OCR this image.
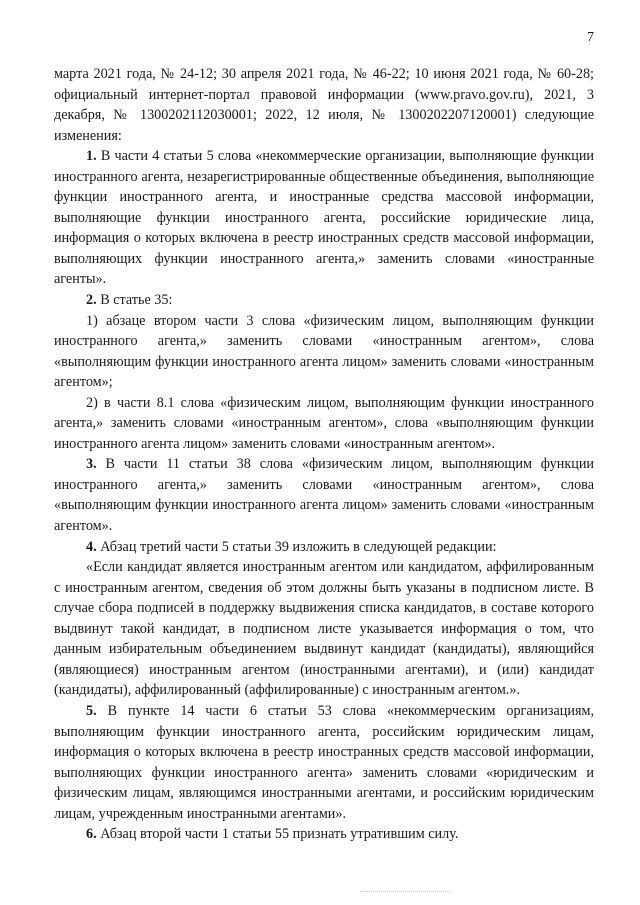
7

марта 2021 года, № 24-12; 30 апреля 2021 года, № 46-22; 10 июня 2021 года, № 60-28; официальный интернет-портал правовой информации (www.pravo.gov.ru), 2021, 3 декабря, № 1300202112030001; 2022, 12 июля, № 1300202207120001) следующие изменения:

1. В части 4 статьи 5 слова «некоммерческие организации, выполняющие функции иностранного агента, незарегистрированные общественные объединения, выполняющие функции иностранного агента, и иностранные средства массовой информации, выполняющие функции иностранного агента, российские юридические лица, информация о которых включена в реестр иностранных средств массовой информации, выполняющих функции иностранного агента,» заменить словами «иностранные агенты».

2. В статье 35:

1) абзаце втором части 3 слова «физическим лицом, выполняющим функции иностранного агента,» заменить словами «иностранным агентом», слова «выполняющим функции иностранного агента лицом» заменить словами «иностранным агентом»;

2) в части 8.1 слова «физическим лицом, выполняющим функции иностранного агента,» заменить словами «иностранным агентом», слова «выполняющим функции иностранного агента лицом» заменить словами «иностранным агентом».

3. В части 11 статьи 38 слова «физическим лицом, выполняющим функции иностранного агента,» заменить словами «иностранным агентом», слова «выполняющим функции иностранного агента лицом» заменить словами «иностранным агентом».

4. Абзац третий части 5 статьи 39 изложить в следующей редакции:

«Если кандидат является иностранным агентом или кандидатом, аффилированным с иностранным агентом, сведения об этом должны быть указаны в подписном листе. В случае сбора подписей в поддержку выдвижения списка кандидатов, в составе которого выдвинут такой кандидат, в подписном листе указывается информация о том, что данным избирательным объединением выдвинут кандидат (кандидаты), являющийся (являющиеся) иностранным агентом (иностранными агентами), и (или) кандидат (кандидаты), аффилированный (аффилированные) с иностранным агентом.».

5. В пункте 14 части 6 статьи 53 слова «некоммерческим организациям, выполняющим функции иностранного агента, российским юридическим лицам, информация о которых включена в реестр иностранных средств массовой информации, выполняющих функции иностранного агента» заменить словами «юридическим и физическим лицам, являющимся иностранными агентами, и российским юридическим лицам, учрежденным иностранными агентами».

6. Абзац второй части 1 статьи 55 признать утратившим силу.
